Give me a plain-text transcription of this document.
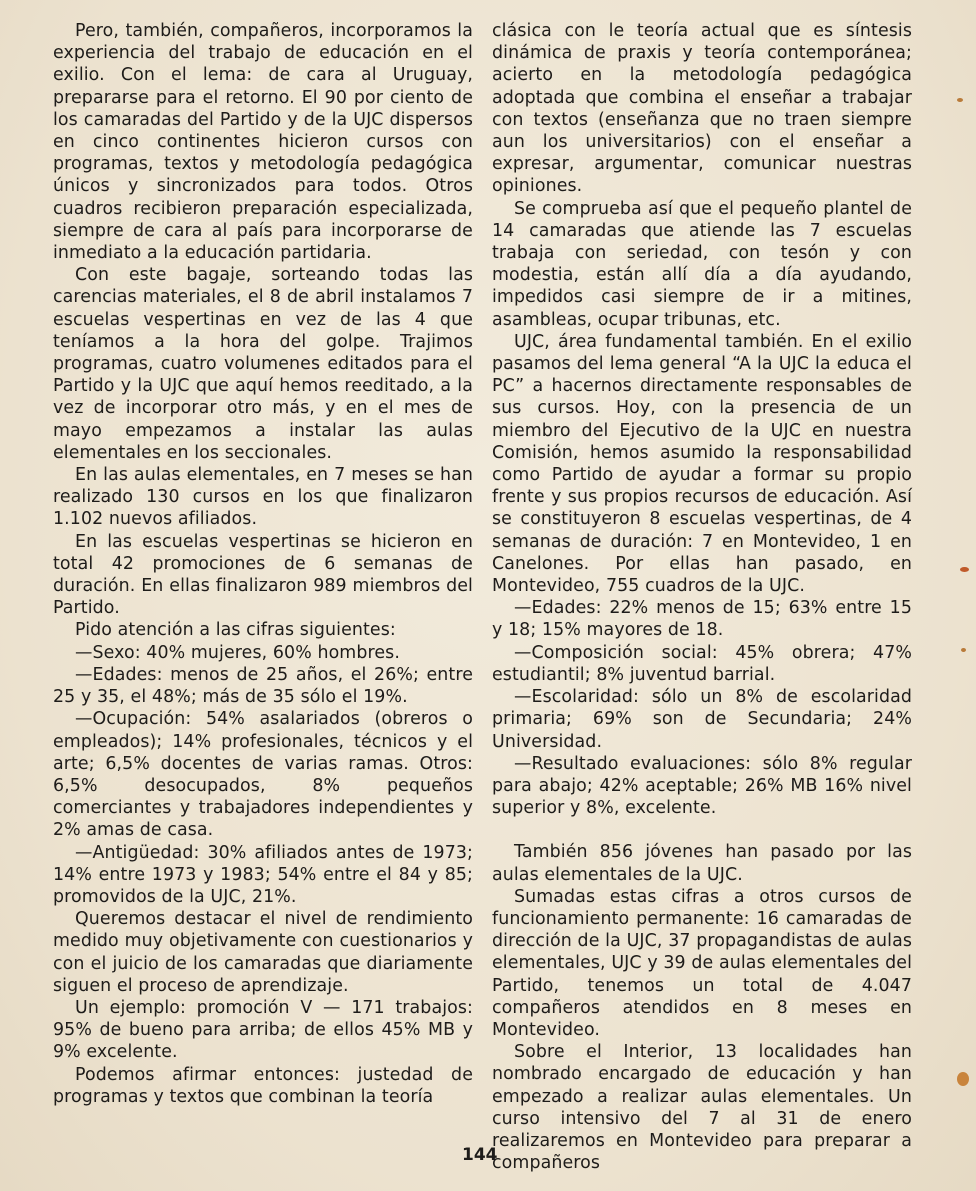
Pero, también, compañeros, incorporamos la experiencia del trabajo de educación en el exilio. Con el lema: de cara al Uruguay, prepararse para el retorno. El 90 por ciento de los camaradas del Partido y de la UJC dispersos en cinco continentes hicieron cursos con programas, textos y metodología pedagógica únicos y sincronizados para todos. Otros cuadros recibieron preparación especializada, siempre de cara al país para incorporarse de inmediato a la educación partidaria.

Con este bagaje, sorteando todas las carencias materiales, el 8 de abril instalamos 7 escuelas vespertinas en vez de las 4 que teníamos a la hora del golpe. Trajimos programas, cuatro volumenes editados para el Partido y la UJC que aquí hemos reeditado, a la vez de incorporar otro más, y en el mes de mayo empezamos a instalar las aulas elementales en los seccionales.

En las aulas elementales, en 7 meses se han realizado 130 cursos en los que finalizaron 1.102 nuevos afiliados.

En las escuelas vespertinas se hicieron en total 42 promociones de 6 semanas de duración. En ellas finalizaron 989 miembros del Partido.

Pido atención a las cifras siguientes:

—Sexo: 40% mujeres, 60% hombres.

—Edades: menos de 25 años, el 26%; entre 25 y 35, el 48%; más de 35 sólo el 19%.

—Ocupación: 54% asalariados (obreros o empleados); 14% profesionales, técnicos y el arte; 6,5% docentes de varias ramas. Otros: 6,5% desocupados, 8% pequeños comerciantes y trabajadores independientes y 2% amas de casa.

—Antigüedad: 30% afiliados antes de 1973; 14% entre 1973 y 1983; 54% entre el 84 y 85; promovidos de la UJC, 21%.

Queremos destacar el nivel de rendimiento medido muy objetivamente con cuestionarios y con el juicio de los camaradas que diariamente siguen el proceso de aprendizaje.

Un ejemplo: promoción V — 171 trabajos: 95% de bueno para arriba; de ellos 45% MB y 9% excelente.

Podemos afirmar entonces: justedad de programas y textos que combinan la teoría

clásica con le teoría actual que es síntesis dinámica de praxis y teoría contemporánea; acierto en la metodología pedagógica adoptada que combina el enseñar a trabajar con textos (enseñanza que no traen siempre aun los universitarios) con el enseñar a expresar, argumentar, comunicar nuestras opiniones.

Se comprueba así que el pequeño plantel de 14 camaradas que atiende las 7 escuelas trabaja con seriedad, con tesón y con modestia, están allí día a día ayudando, impedidos casi siempre de ir a mitines, asambleas, ocupar tribunas, etc.

UJC, área fundamental también. En el exilio pasamos del lema general “A la UJC la educa el PC” a hacernos directamente responsables de sus cursos. Hoy, con la presencia de un miembro del Ejecutivo de la UJC en nuestra Comisión, hemos asumido la responsabilidad como Partido de ayudar a formar su propio frente y sus propios recursos de educación. Así se constituyeron 8 escuelas vespertinas, de 4 semanas de duración: 7 en Montevideo, 1 en Canelones. Por ellas han pasado, en Montevideo, 755 cuadros de la UJC.

—Edades: 22% menos de 15; 63% entre 15 y 18; 15% mayores de 18.

—Composición social: 45% obrera; 47% estudiantil; 8% juventud barrial.

—Escolaridad: sólo un 8% de escolaridad primaria; 69% son de Secundaria; 24% Universidad.

—Resultado evaluaciones: sólo 8% regular para abajo; 42% aceptable; 26% MB 16% nivel superior y 8%, excelente.

También 856 jóvenes han pasado por las aulas elementales de la UJC.

Sumadas estas cifras a otros cursos de funcionamiento permanente: 16 camaradas de dirección de la UJC, 37 propagandistas de aulas elementales, UJC y 39 de aulas elementales del Partido, tenemos un total de 4.047 compañeros atendidos en 8 meses en Montevideo.

Sobre el Interior, 13 localidades han nombrado encargado de educación y han empezado a realizar aulas elementales. Un curso intensivo del 7 al 31 de enero realizaremos en Montevideo para preparar a compañeros

144
